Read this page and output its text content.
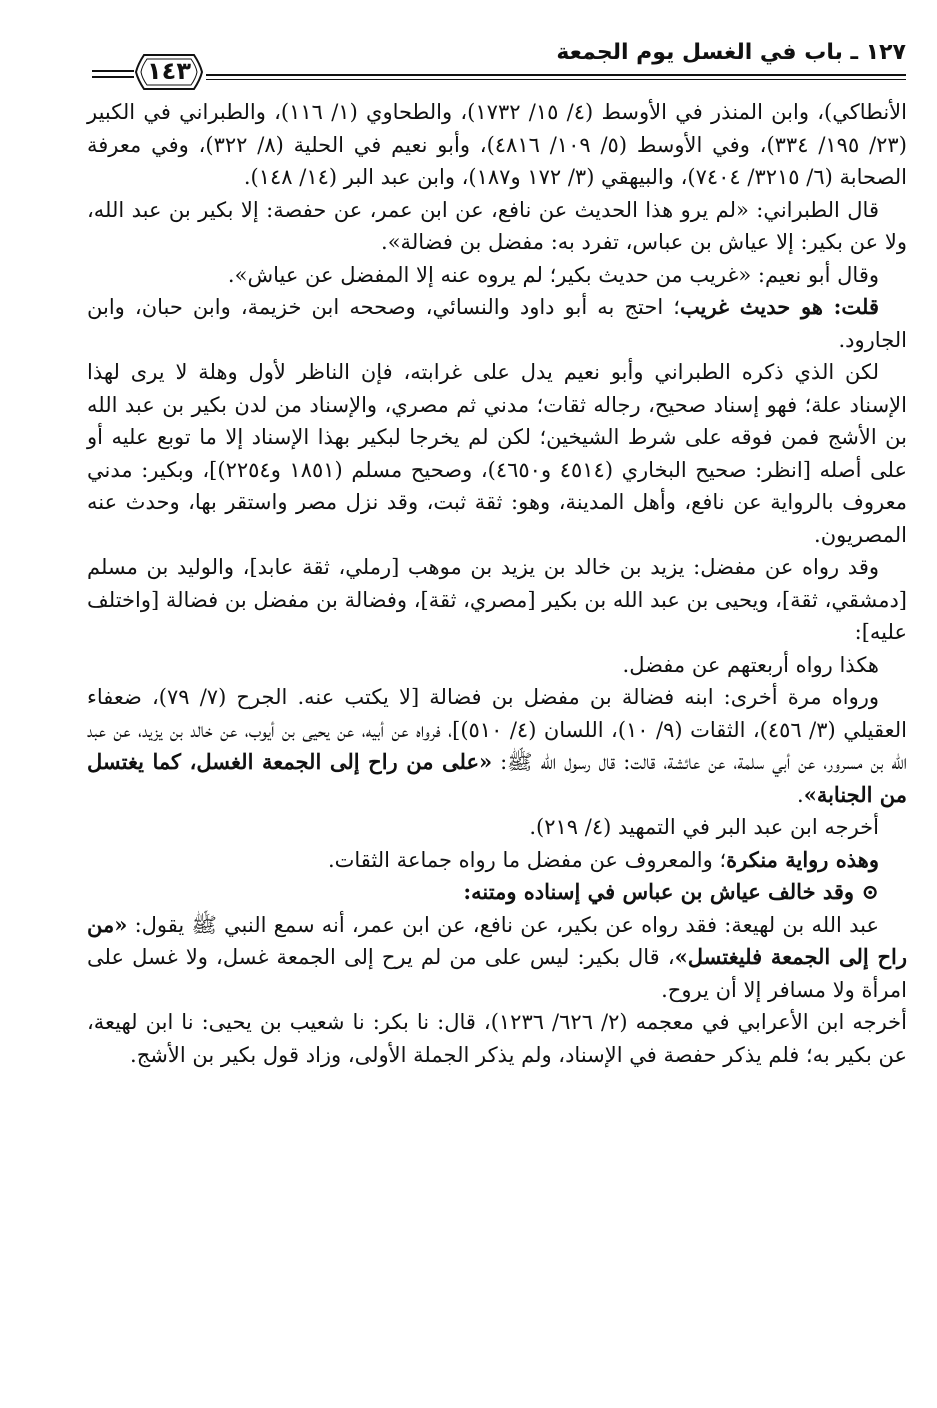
١٢٧ ـ باب في الغسل يوم الجمعة
١٤٣

الأنطاكي)، وابن المنذر في الأوسط (٤/ ١٥/ ١٧٣٢)، والطحاوي (١/ ١١٦)، والطبراني في الكبير (٢٣/ ١٩٥/ ٣٣٤)، وفي الأوسط (٥/ ١٠٩/ ٤٨١٦)، وأبو نعيم في الحلية (٨/ ٣٢٢)، وفي معرفة الصحابة (٦/ ٣٢١٥/ ٧٤٠٤)، والبيهقي (٣/ ١٧٢ و١٨٧)، وابن عبد البر (١٤/ ١٤٨).

قال الطبراني: «لم يرو هذا الحديث عن نافع، عن ابن عمر، عن حفصة: إلا بكير بن عبد الله، ولا عن بكير: إلا عياش بن عباس، تفرد به: مفضل بن فضالة».

وقال أبو نعيم: «غريب من حديث بكير؛ لم يروه عنه إلا المفضل عن عياش».

قلت: هو حديث غريب؛ احتج به أبو داود والنسائي، وصححه ابن خزيمة، وابن حبان، وابن الجارود.

لكن الذي ذكره الطبراني وأبو نعيم يدل على غرابته، فإن الناظر لأول وهلة لا يرى لهذا الإسناد علة؛ فهو إسناد صحيح، رجاله ثقات؛ مدني ثم مصري، والإسناد من لدن بكير بن عبد الله بن الأشج فمن فوقه على شرط الشيخين؛ لكن لم يخرجا لبكير بهذا الإسناد إلا ما توبع عليه أو على أصله [انظر: صحيح البخاري (٤٥١٤ و٤٦٥٠)، وصحيح مسلم (١٨٥١ و٢٢٥٤)]، وبكير: مدني معروف بالرواية عن نافع، وأهل المدينة، وهو: ثقة ثبت، وقد نزل مصر واستقر بها، وحدث عنه المصريون.

وقد رواه عن مفضل: يزيد بن خالد بن يزيد بن موهب [رملي، ثقة عابد]، والوليد بن مسلم [دمشقي، ثقة]، ويحيى بن عبد الله بن بكير [مصري، ثقة]، وفضالة بن مفضل بن فضالة [واختلف عليه]:

هكذا رواه أربعتهم عن مفضل.

ورواه مرة أخرى: ابنه فضالة بن مفضل بن فضالة [لا يكتب عنه. الجرح (٧/ ٧٩)، ضعفاء العقيلي (٣/ ٤٥٦)، الثقات (٩/ ١٠)، اللسان (٤/ ٥١٠)]، فرواه عن أبيه، عن يحيى بن أيوب، عن خالد بن يزيد، عن عبد الله بن مسرور، عن أبي سلمة، عن عائشة، قالت: قال رسول الله ﷺ: «على من راح إلى الجمعة الغسل، كما يغتسل من الجنابة».

أخرجه ابن عبد البر في التمهيد (٤/ ٢١٩).

وهذه رواية منكرة؛ والمعروف عن مفضل ما رواه جماعة الثقات.

⊙ وقد خالف عياش بن عباس في إسناده ومتنه:

عبد الله بن لهيعة: فقد رواه عن بكير، عن نافع، عن ابن عمر، أنه سمع النبي ﷺ يقول: «من راح إلى الجمعة فليغتسل»، قال بكير: ليس على من لم يرح إلى الجمعة غسل، ولا غسل على امرأة ولا مسافر إلا أن يروح.

أخرجه ابن الأعرابي في معجمه (٢/ ٦٢٦/ ١٢٣٦)، قال: نا بكر: نا شعيب بن يحيى: نا ابن لهيعة، عن بكير به؛ فلم يذكر حفصة في الإسناد، ولم يذكر الجملة الأولى، وزاد قول بكير بن الأشج.
